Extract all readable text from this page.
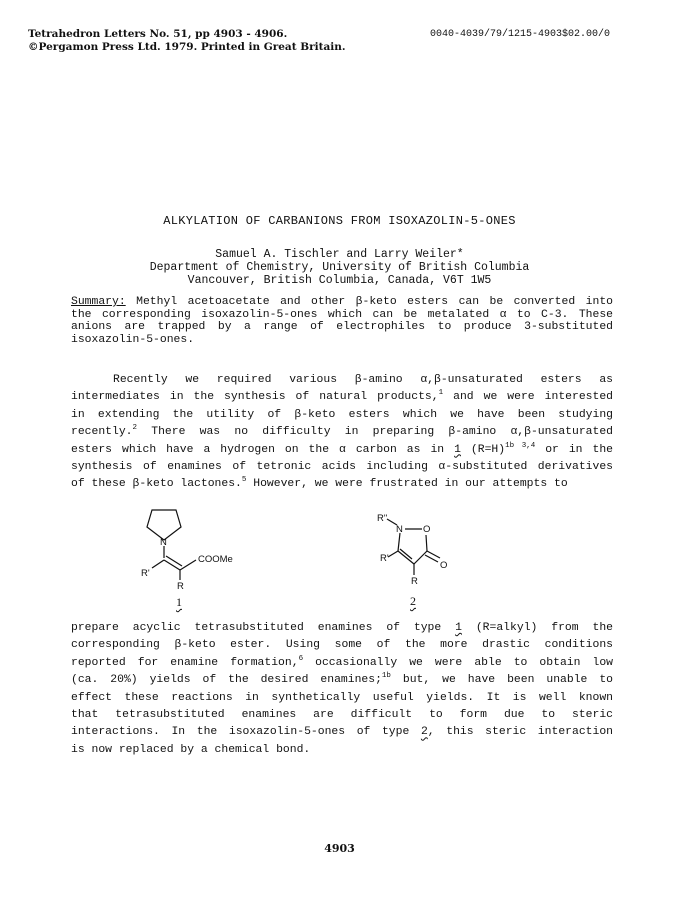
Tetrahedron Letters No. 51, pp 4903 - 4906.
©Pergamon Press Ltd. 1979. Printed in Great Britain.
0040-4039/79/1215-4903$02.00/0
ALKYLATION OF CARBANIONS FROM ISOXAZOLIN-5-ONES
Samuel A. Tischler and Larry Weiler*
Department of Chemistry, University of British Columbia
Vancouver, British Columbia, Canada, V6T 1W5
Summary: Methyl acetoacetate and other β-keto esters can be converted into
the corresponding isoxazolin-5-ones which can be metalated α to C-3. These
anions are trapped by a range of electrophiles to produce 3-substituted
isoxazolin-5-ones.
Recently we required various β-amino α,β-unsaturated esters as
intermediates in the synthesis of natural products,$^1$ and we were interested
in extending the utility of β-keto esters which we have been studying
recently.$^2$ There was no difficulty in preparing β-amino α,β-unsaturated
esters which have a hydrogen on the α carbon as in 1 (R=H)$^{1b 3,4}$ or in the
synthesis of enamines of tetronic acids including α-substituted derivatives
of these β-keto lactones.$^5$ However, we were frustrated in our attempts to
N
COOMe
R'
R
1
R"
N O
O
R'
R
2
prepare acyclic tetrasubstituted enamines of type 1 (R=alkyl) from the
corresponding β-keto ester. Using some of the more drastic conditions
reported for enamine formation,$^6$ occasionally we were able to obtain low
(ca. 20%) yields of the desired enamines;$^{1b}$ but, we have been unable to
effect these reactions in synthetically useful yields. It is well known
that tetrasubstituted enamines are difficult to form due to steric
interactions. In the isoxazolin-5-ones of type 2, this steric interaction
is now replaced by a chemical bond.
4903
